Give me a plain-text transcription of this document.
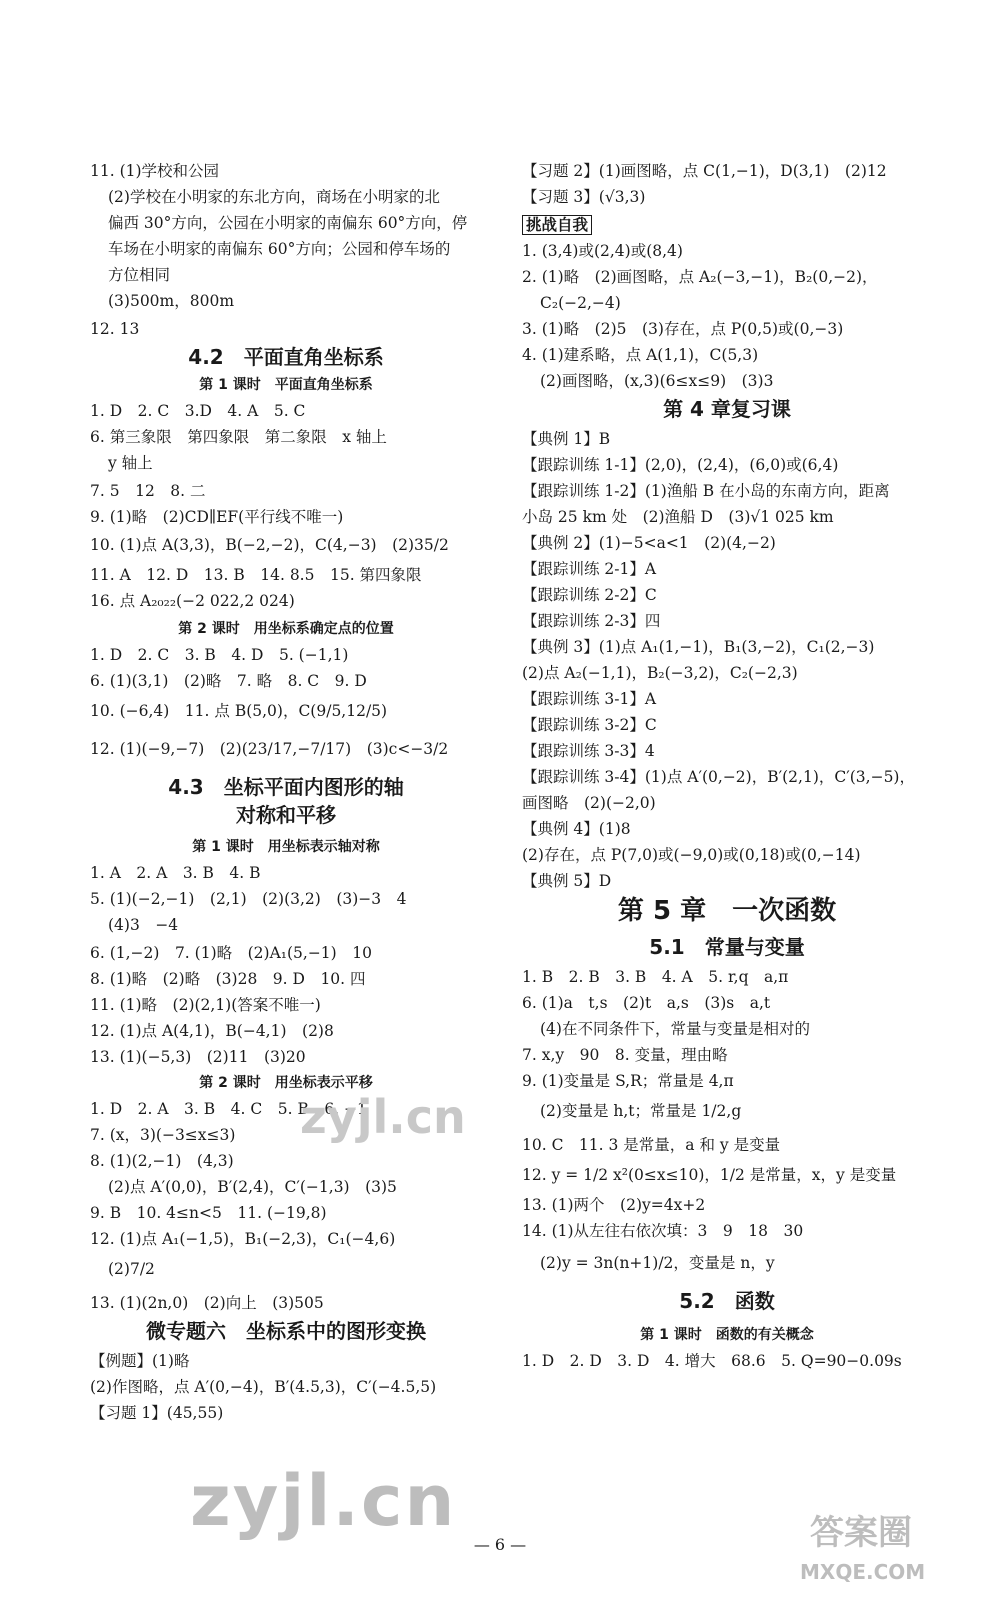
11. (1)学校和公园
(2)学校在小明家的东北方向，商场在小明家的北
偏西 30°方向，公园在小明家的南偏东 60°方向，停
车场在小明家的南偏东 60°方向；公园和停车场的
方位相同
(3)500m，800m
12. 13
4.2　平面直角坐标系
第 1 课时　平面直角坐标系
1. D　2. C　3.D　4. A　5. C
6. 第三象限　第四象限　第二象限　x 轴上
y 轴上
7. 5　12　8. 二
9. (1)略　(2)CD∥EF(平行线不唯一)
10. (1)点 A(3,3)，B(−2,−2)，C(4,−3)　(2)35/2
11. A　12. D　13. B　14. 8.5　15. 第四象限
16. 点 A₂₀₂₂(−2 022,2 024)
第 2 课时　用坐标系确定点的位置
1. D　2. C　3. B　4. D　5. (−1,1)
6. (1)(3,1)　(2)略　7. 略　8. C　9. D
10. (−6,4)　11. 点 B(5,0)，C(9/5,12/5)
12. (1)(−9,−7)　(2)(23/17,−7/17)　(3)c<−3/2
4.3　坐标平面内图形的轴
对称和平移
第 1 课时　用坐标表示轴对称
1. A　2. A　3. B　4. B
5. (1)(−2,−1)　(2,1)　(2)(3,2)　(3)−3　4
(4)3　−4
6. (1,−2)　7. (1)略　(2)A₁(5,−1)　10
8. (1)略　(2)略　(3)28　9. D　10. 四
11. (1)略　(2)(2,1)(答案不唯一)
12. (1)点 A(4,1)，B(−4,1)　(2)8
13. (1)(−5,3)　(2)11　(3)20
第 2 课时　用坐标表示平移
1. D　2. A　3. B　4. C　5. B　6. −1
7. (x，3)(−3≤x≤3)
8. (1)(2,−1)　(4,3)
(2)点 A′(0,0)，B′(2,4)，C′(−1,3)　(3)5
9. B　10. 4≤n<5　11. (−19,8)
12. (1)点 A₁(−1,5)，B₁(−2,3)，C₁(−4,6)
(2)7/2
13. (1)(2n,0)　(2)向上　(3)505
微专题六　坐标系中的图形变换
【例题】(1)略
(2)作图略，点 A′(0,−4)，B′(4.5,3)，C′(−4.5,5)
【习题 1】(45,55)
【习题 2】(1)画图略，点 C(1,−1)，D(3,1)　(2)12
【习题 3】(√3,3)
挑战自我
1. (3,4)或(2,4)或(8,4)
2. (1)略　(2)画图略，点 A₂(−3,−1)，B₂(0,−2)，
C₂(−2,−4)
3. (1)略　(2)5　(3)存在，点 P(0,5)或(0,−3)
4. (1)建系略，点 A(1,1)，C(5,3)
(2)画图略，(x,3)(6≤x≤9)　(3)3
第 4 章复习课
【典例 1】B
【跟踪训练 1-1】(2,0)，(2,4)，(6,0)或(6,4)
【跟踪训练 1-2】(1)渔船 B 在小岛的东南方向，距离
小岛 25 km 处　(2)渔船 D　(3)√1 025 km
【典例 2】(1)−5<a<1　(2)(4,−2)
【跟踪训练 2-1】A
【跟踪训练 2-2】C
【跟踪训练 2-3】四
【典例 3】(1)点 A₁(1,−1)，B₁(3,−2)，C₁(2,−3)
(2)点 A₂(−1,1)，B₂(−3,2)，C₂(−2,3)
【跟踪训练 3-1】A
【跟踪训练 3-2】C
【跟踪训练 3-3】4
【跟踪训练 3-4】(1)点 A′(0,−2)，B′(2,1)，C′(3,−5)，
画图略　(2)(−2,0)
【典例 4】(1)8
(2)存在，点 P(7,0)或(−9,0)或(0,18)或(0,−14)
【典例 5】D
第 5 章　一次函数
5.1　常量与变量
1. B　2. B　3. B　4. A　5. r,q　a,π
6. (1)a　t,s　(2)t　a,s　(3)s　a,t
(4)在不同条件下，常量与变量是相对的
7. x,y　90　8. 变量，理由略
9. (1)变量是 S,R；常量是 4,π
(2)变量是 h,t；常量是 1/2,g
10. C　11. 3 是常量，a 和 y 是变量
12. y = 1/2 x²(0≤x≤10)，1/2 是常量，x，y 是变量
13. (1)两个　(2)y=4x+2
14. (1)从左往右依次填：3　9　18　30
(2)y = 3n(n+1)/2，变量是 n，y
5.2　函数
第 1 课时　函数的有关概念
1. D　2. D　3. D　4. 增大　68.6　5. Q=90−0.09s
— 6 —
zyjl.cn
zyjl.cn
答案圈
MXQE.COM
